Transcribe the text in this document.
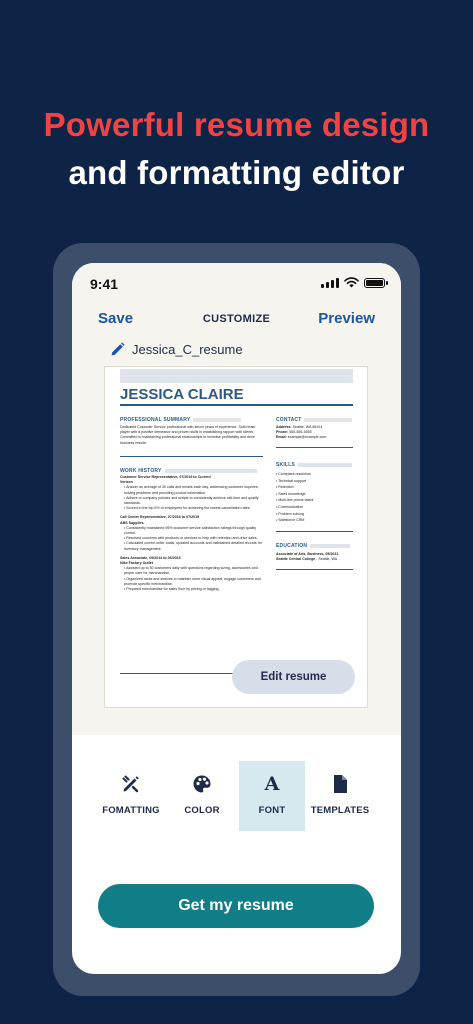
Powerful resume design
and formatting editor
9:41
Save	CUSTOMIZE	Preview
Jessica_C_resume
JESSICA CLAIRE
PROFESSIONAL SUMMARY
Dedicated Customer Service professional with seven years of experience. Solid team player with a positive demeanor and proven skills in establishing rapport with clients. Committed to maintaining professional relationships to increase profitability and drive business results.
WORK HISTORY
Customer Service Representative, 07/2019 to Current
Verizon
• Answer an average of 30 calls and emails each day, addressing customer inquiries, solving problems and providing product information.
• Adhere to company policies and scripts to consistently achieve call-time and quality standards.
• Scored in the top 5% of employees for achieving the lowest cancellation rates.
Call Center Representative, 07/2016 to 07/2019
ABS Supplies
• Consistently maintained 95% customer service satisfaction ratings through quality control.
• Resolved concerns with products or services to help with retention and drive sales.
• Calculated correct order totals, updated accounts and maintained detailed records for inventory management.
Sales Associate, 09/2014 to 06/2016
Nike Factory Outlet
• Assisted up to 50 customers daily with questions regarding sizing, accessories and proper care for merchandise.
• Organized racks and shelves to maintain store visual appeal, engage customers and promote specific merchandise.
• Prepared merchandise for sales floor by pricing or tagging.
CONTACT
Address: Seattle, WA 98104
Phone: 555-555-5555
Email: example@example.com
SKILLS
• Complaint resolution
• Technical support
• Retention
• Sales knowledge
• Multi-line phone talent
• Communication
• Problem solving
• Salesforce CRM
EDUCATION
Associate of Arts, Business, 05/2021
Seattle Central College - Seattle, WA
Edit resume
FOMATTING	COLOR
A
FONT	TEMPLATES
Get my resume
